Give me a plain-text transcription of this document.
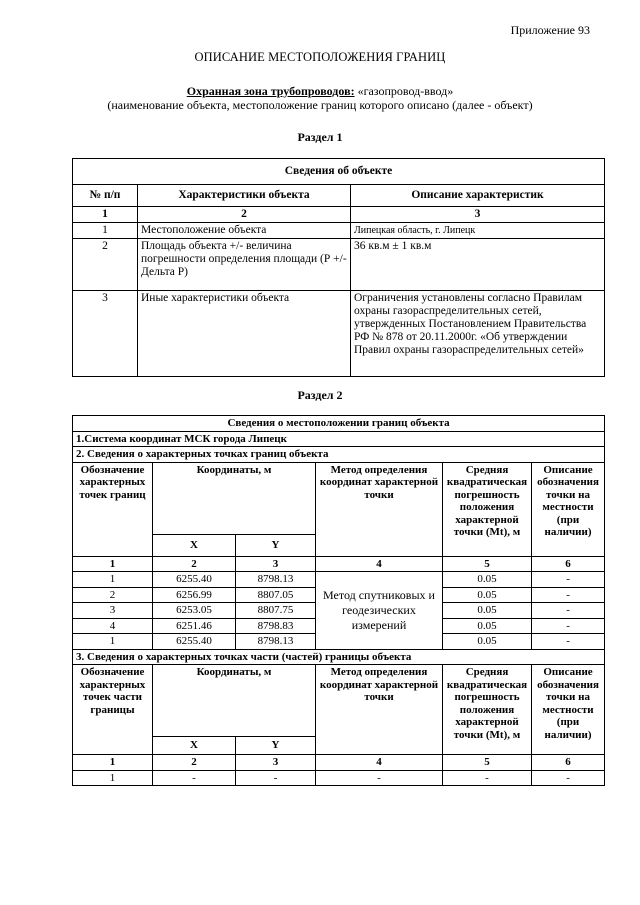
Приложение 93
ОПИСАНИЕ МЕСТОПОЛОЖЕНИЯ ГРАНИЦ
Охранная зона трубопроводов: «газопровод-ввод»
(наименование объекта, местоположение границ которого описано (далее - объект)
Раздел 1
Сведения об объекте		
№ п/п	Характеристики объекта	Описание характеристик
1	2	3
1	Местоположение объекта	Липецкая область, г. Липецк
2	Площадь объекта +/- величина погрешности определения площади (Р +/- Дельта Р)	36 кв.м ± 1 кв.м
3	Иные характеристики объекта	Ограничения установлены согласно Правилам охраны газораспределительных сетей, утвержденных Постановлением Правительства РФ № 878 от 20.11.2000г. «Об утверждении Правил охраны газораспределительных сетей»
Раздел 2
Сведения о местоположении границ объекта					
1.Система координат МСК города Липецк					
2. Сведения о характерных точках границ объекта					
Обозначение характерных точек границ	Координаты, м		Метод определения координат характерной точки	Средняя квадратическая погрешность положения характерной точки (Mt), м	Описание обозначения точки на местности (при наличии)
	X	Y			
1	2	3	4	5	6
1	6255.40	8798.13	Метод спутниковых и геодезических измерений	0.05	-
2	6256.99	8807.05		0.05	-
3	6253.05	8807.75		0.05	-
4	6251.46	8798.83		0.05	-
1	6255.40	8798.13		0.05	-
3. Сведения о характерных точках части (частей) границы объекта					
Обозначение характерных точек части границы	Координаты, м		Метод определения координат характерной точки	Средняя квадратическая погрешность положения характерной точки (Mt), м	Описание обозначения точки на местности (при наличии)
	X	Y			
1	2	3	4	5	6
1	-	-	-	-	-
